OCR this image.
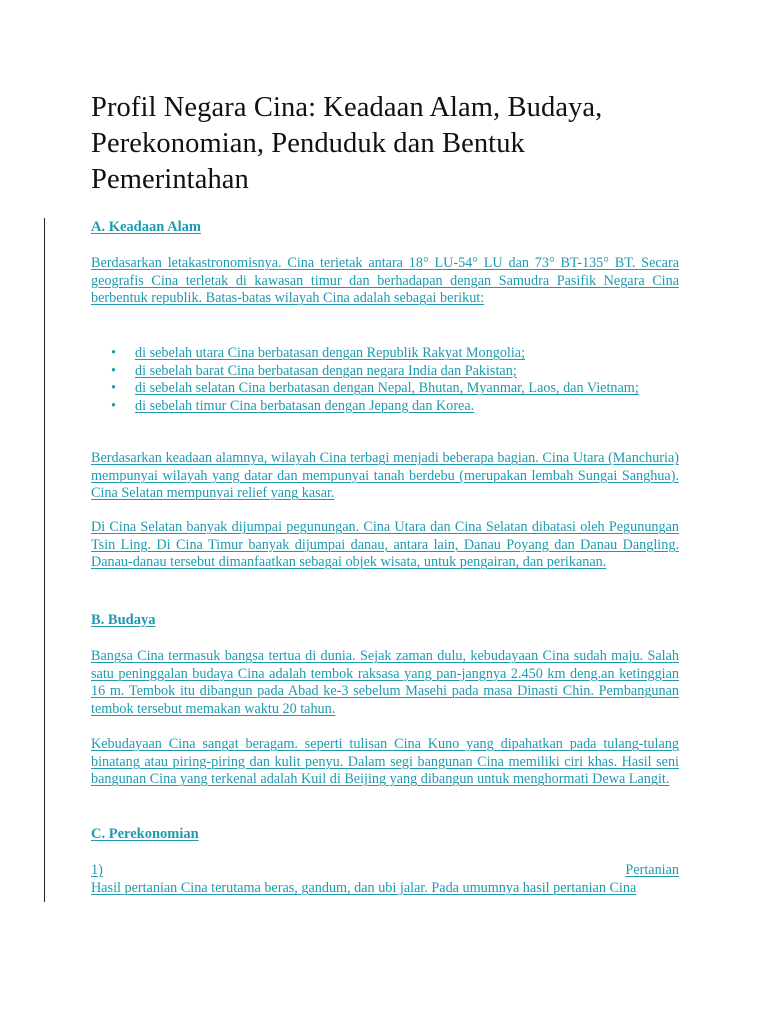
Profil Negara Cina: Keadaan Alam, Budaya, Perekonomian, Penduduk dan Bentuk Pemerintahan
A. Keadaan Alam

Berdasarkan letakastronomisnya. Cina terietak antara 18° LU-54° LU dan 73° BT-135° BT. Secara geografis Cina terletak di kawasan timur dan berhadapan dengan Samudra Pasifik Negara Cina berbentuk republik. Batas-batas wilayah Cina adalah sebagai berikut:

• di sebelah utara Cina berbatasan dengan Republik Rakyat Mongolia;
• di sebelah barat Cina berbatasan dengan negara India dan Pakistan;
• di sebelah selatan Cina berbatasan dengan Nepal, Bhutan, Myanmar, Laos, dan Vietnam;
• di sebelah timur Cina berbatasan dengan Jepang dan Korea.

Berdasarkan keadaan alamnya, wilayah Cina terbagi menjadi beberapa bagian. Cina Utara (Manchuria) mempunyai wilayah yang datar dan mempunyai tanah berdebu (merupakan lembah Sungai Sanghua). Cina Selatan mempunyai relief yang kasar.

Di Cina Selatan banyak dijumpai pegunungan. Cina Utara dan Cina Selatan dibatasi oleh Pegunungan Tsin Ling. Di Cina Timur banyak dijumpai danau, antara lain, Danau Poyang dan Danau Dangling. Danau-danau tersebut dimanfaatkan sebagai objek wisata, untuk pengairan, dan perikanan.

B. Budaya

Bangsa Cina termasuk bangsa tertua di dunia. Sejak zaman dulu, kebudayaan Cina sudah maju. Salah satu peninggalan budaya Cina adalah tembok raksasa yang pan-jangnya 2.450 km deng.an ketinggian 16 m. Tembok itu dibangun pada Abad ke-3 sebelum Masehi pada masa Dinasti Chin. Pembangunan tembok tersebut memakan waktu 20 tahun.

Kebudayaan Cina sangat beragam. seperti tulisan Cina Kuno yang dipahatkan pada tulang-tulang binatang atau piring-piring dan kulit penyu. Dalam segi bangunan Cina memiliki ciri khas. Hasil seni bangunan Cina yang terkenal adalah Kuil di Beijing yang dibangun untuk menghormati Dewa Langit.

C. Perekonomian
1)	Pertanian

Hasil pertanian Cina terutama beras, gandum, dan ubi jalar. Pada umumnya hasil pertanian Cina
